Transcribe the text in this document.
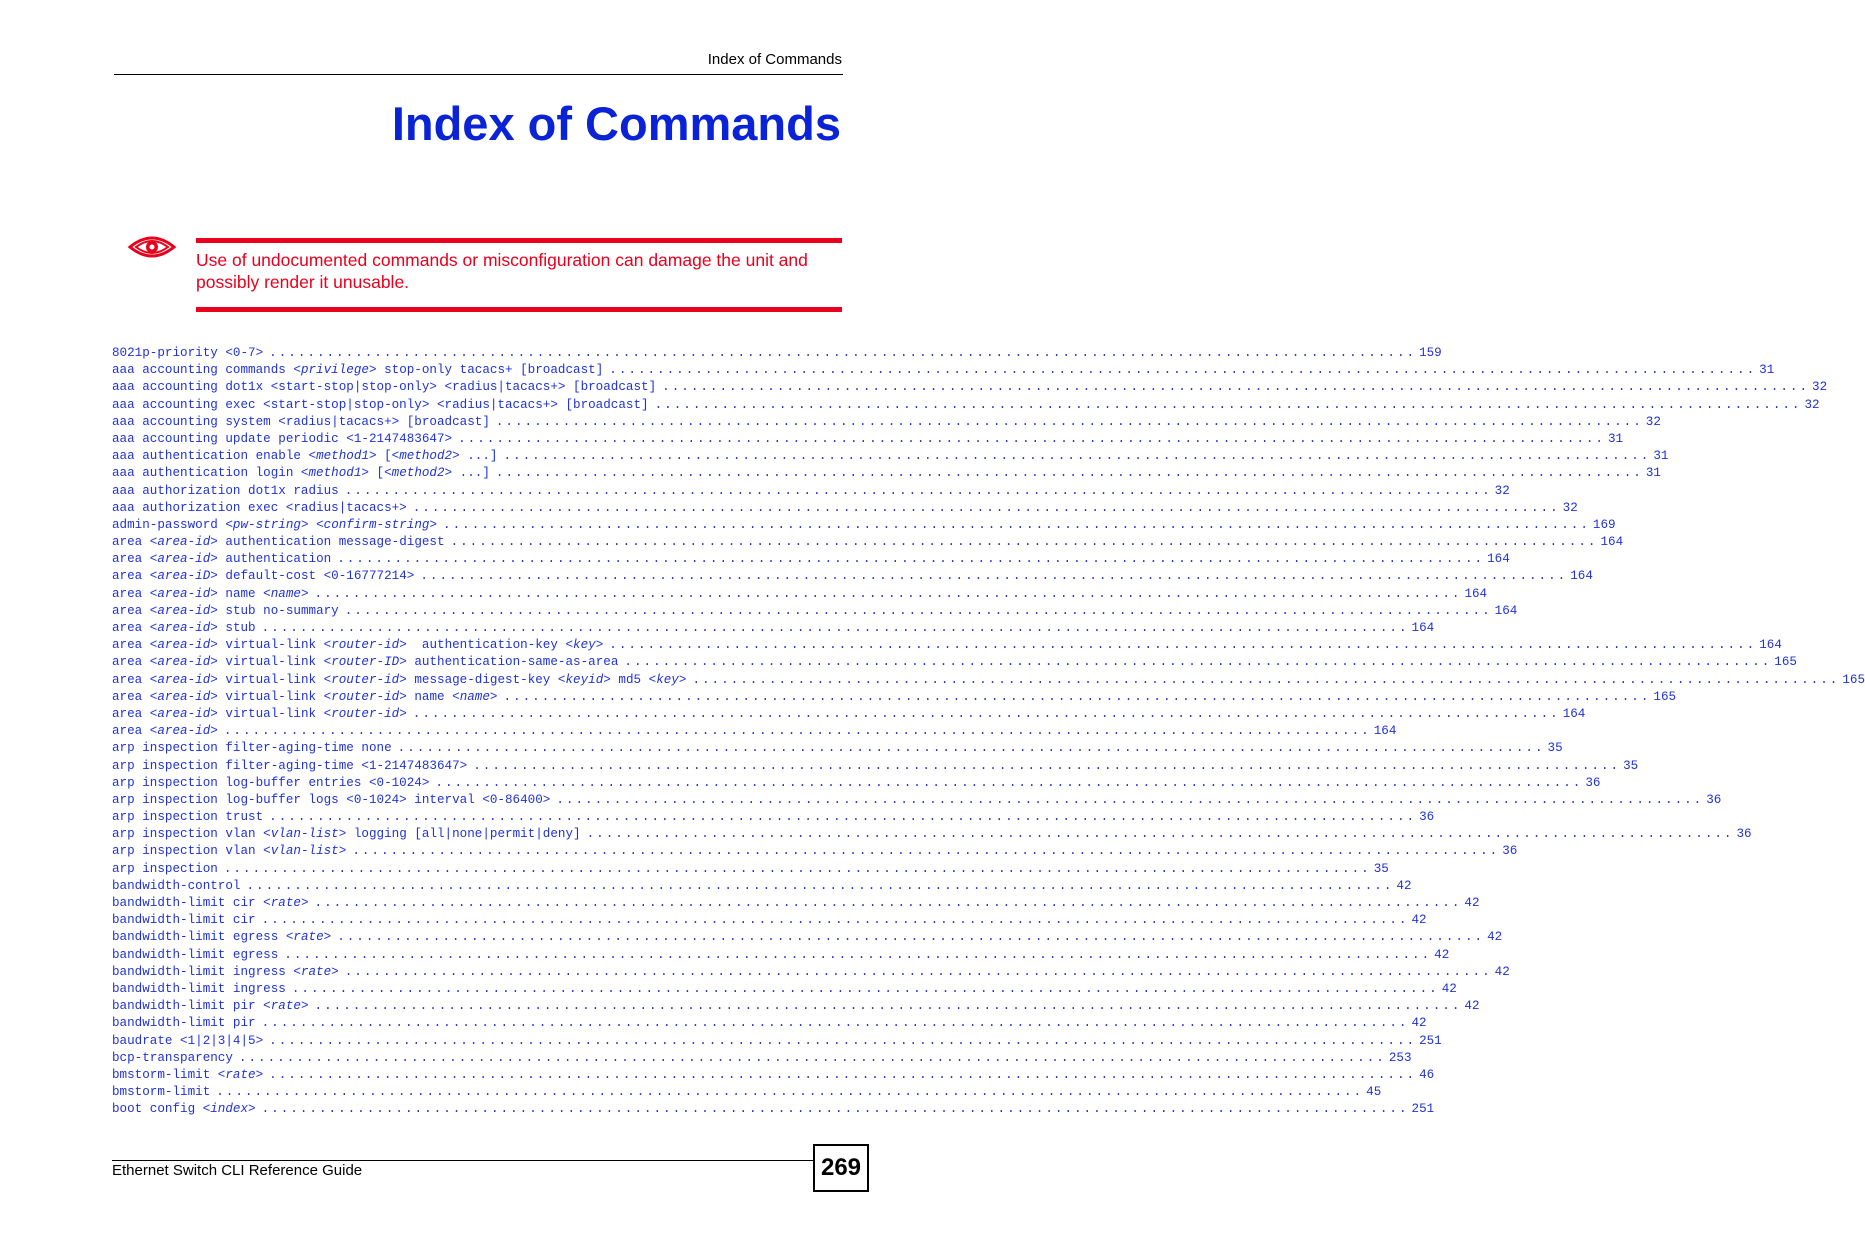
Index of Commands
Index of Commands
Use of undocumented commands or misconfiguration can damage the unit and possibly render it unusable.
8021p-priority <0-7> ........................................................................................................................ 159
aaa accounting commands <privilege> stop-only tacacs+ [broadcast] ........................................................................................................................ 31
aaa accounting dot1x <start-stop|stop-only> <radius|tacacs+> [broadcast] ........................................................................................................................ 32
aaa accounting exec <start-stop|stop-only> <radius|tacacs+> [broadcast] ........................................................................................................................ 32
aaa accounting system <radius|tacacs+> [broadcast] ........................................................................................................................ 32
aaa accounting update periodic <1-2147483647> ........................................................................................................................ 31
aaa authentication enable <method1> [<method2> ...] ........................................................................................................................ 31
aaa authentication login <method1> [<method2> ...] ........................................................................................................................ 31
aaa authorization dot1x radius ........................................................................................................................ 32
aaa authorization exec <radius|tacacs+> ........................................................................................................................ 32
admin-password <pw-string> <confirm-string> ........................................................................................................................ 169
area <area-id> authentication message-digest ........................................................................................................................ 164
area <area-id> authentication ........................................................................................................................ 164
area <area-iD> default-cost <0-16777214> ........................................................................................................................ 164
area <area-id> name <name> ........................................................................................................................ 164
area <area-id> stub no-summary ........................................................................................................................ 164
area <area-id> stub ........................................................................................................................ 164
area <area-id> virtual-link <router-id>  authentication-key <key> ........................................................................................................................ 164
area <area-id> virtual-link <router-ID> authentication-same-as-area ........................................................................................................................ 165
area <area-id> virtual-link <router-id> message-digest-key <keyid> md5 <key> ........................................................................................................................ 165
area <area-id> virtual-link <router-id> name <name> ........................................................................................................................ 165
area <area-id> virtual-link <router-id> ........................................................................................................................ 164
area <area-id> ........................................................................................................................ 164
arp inspection filter-aging-time none ........................................................................................................................ 35
arp inspection filter-aging-time <1-2147483647> ........................................................................................................................ 35
arp inspection log-buffer entries <0-1024> ........................................................................................................................ 36
arp inspection log-buffer logs <0-1024> interval <0-86400> ........................................................................................................................ 36
arp inspection trust ........................................................................................................................ 36
arp inspection vlan <vlan-list> logging [all|none|permit|deny] ........................................................................................................................ 36
arp inspection vlan <vlan-list> ........................................................................................................................ 36
arp inspection ........................................................................................................................ 35
bandwidth-control ........................................................................................................................ 42
bandwidth-limit cir <rate> ........................................................................................................................ 42
bandwidth-limit cir ........................................................................................................................ 42
bandwidth-limit egress <rate> ........................................................................................................................ 42
bandwidth-limit egress ........................................................................................................................ 42
bandwidth-limit ingress <rate> ........................................................................................................................ 42
bandwidth-limit ingress ........................................................................................................................ 42
bandwidth-limit pir <rate> ........................................................................................................................ 42
bandwidth-limit pir ........................................................................................................................ 42
baudrate <1|2|3|4|5> ........................................................................................................................ 251
bcp-transparency ........................................................................................................................ 253
bmstorm-limit <rate> ........................................................................................................................ 46
bmstorm-limit ........................................................................................................................ 45
boot config <index> ........................................................................................................................ 251
Ethernet Switch CLI Reference Guide	269
